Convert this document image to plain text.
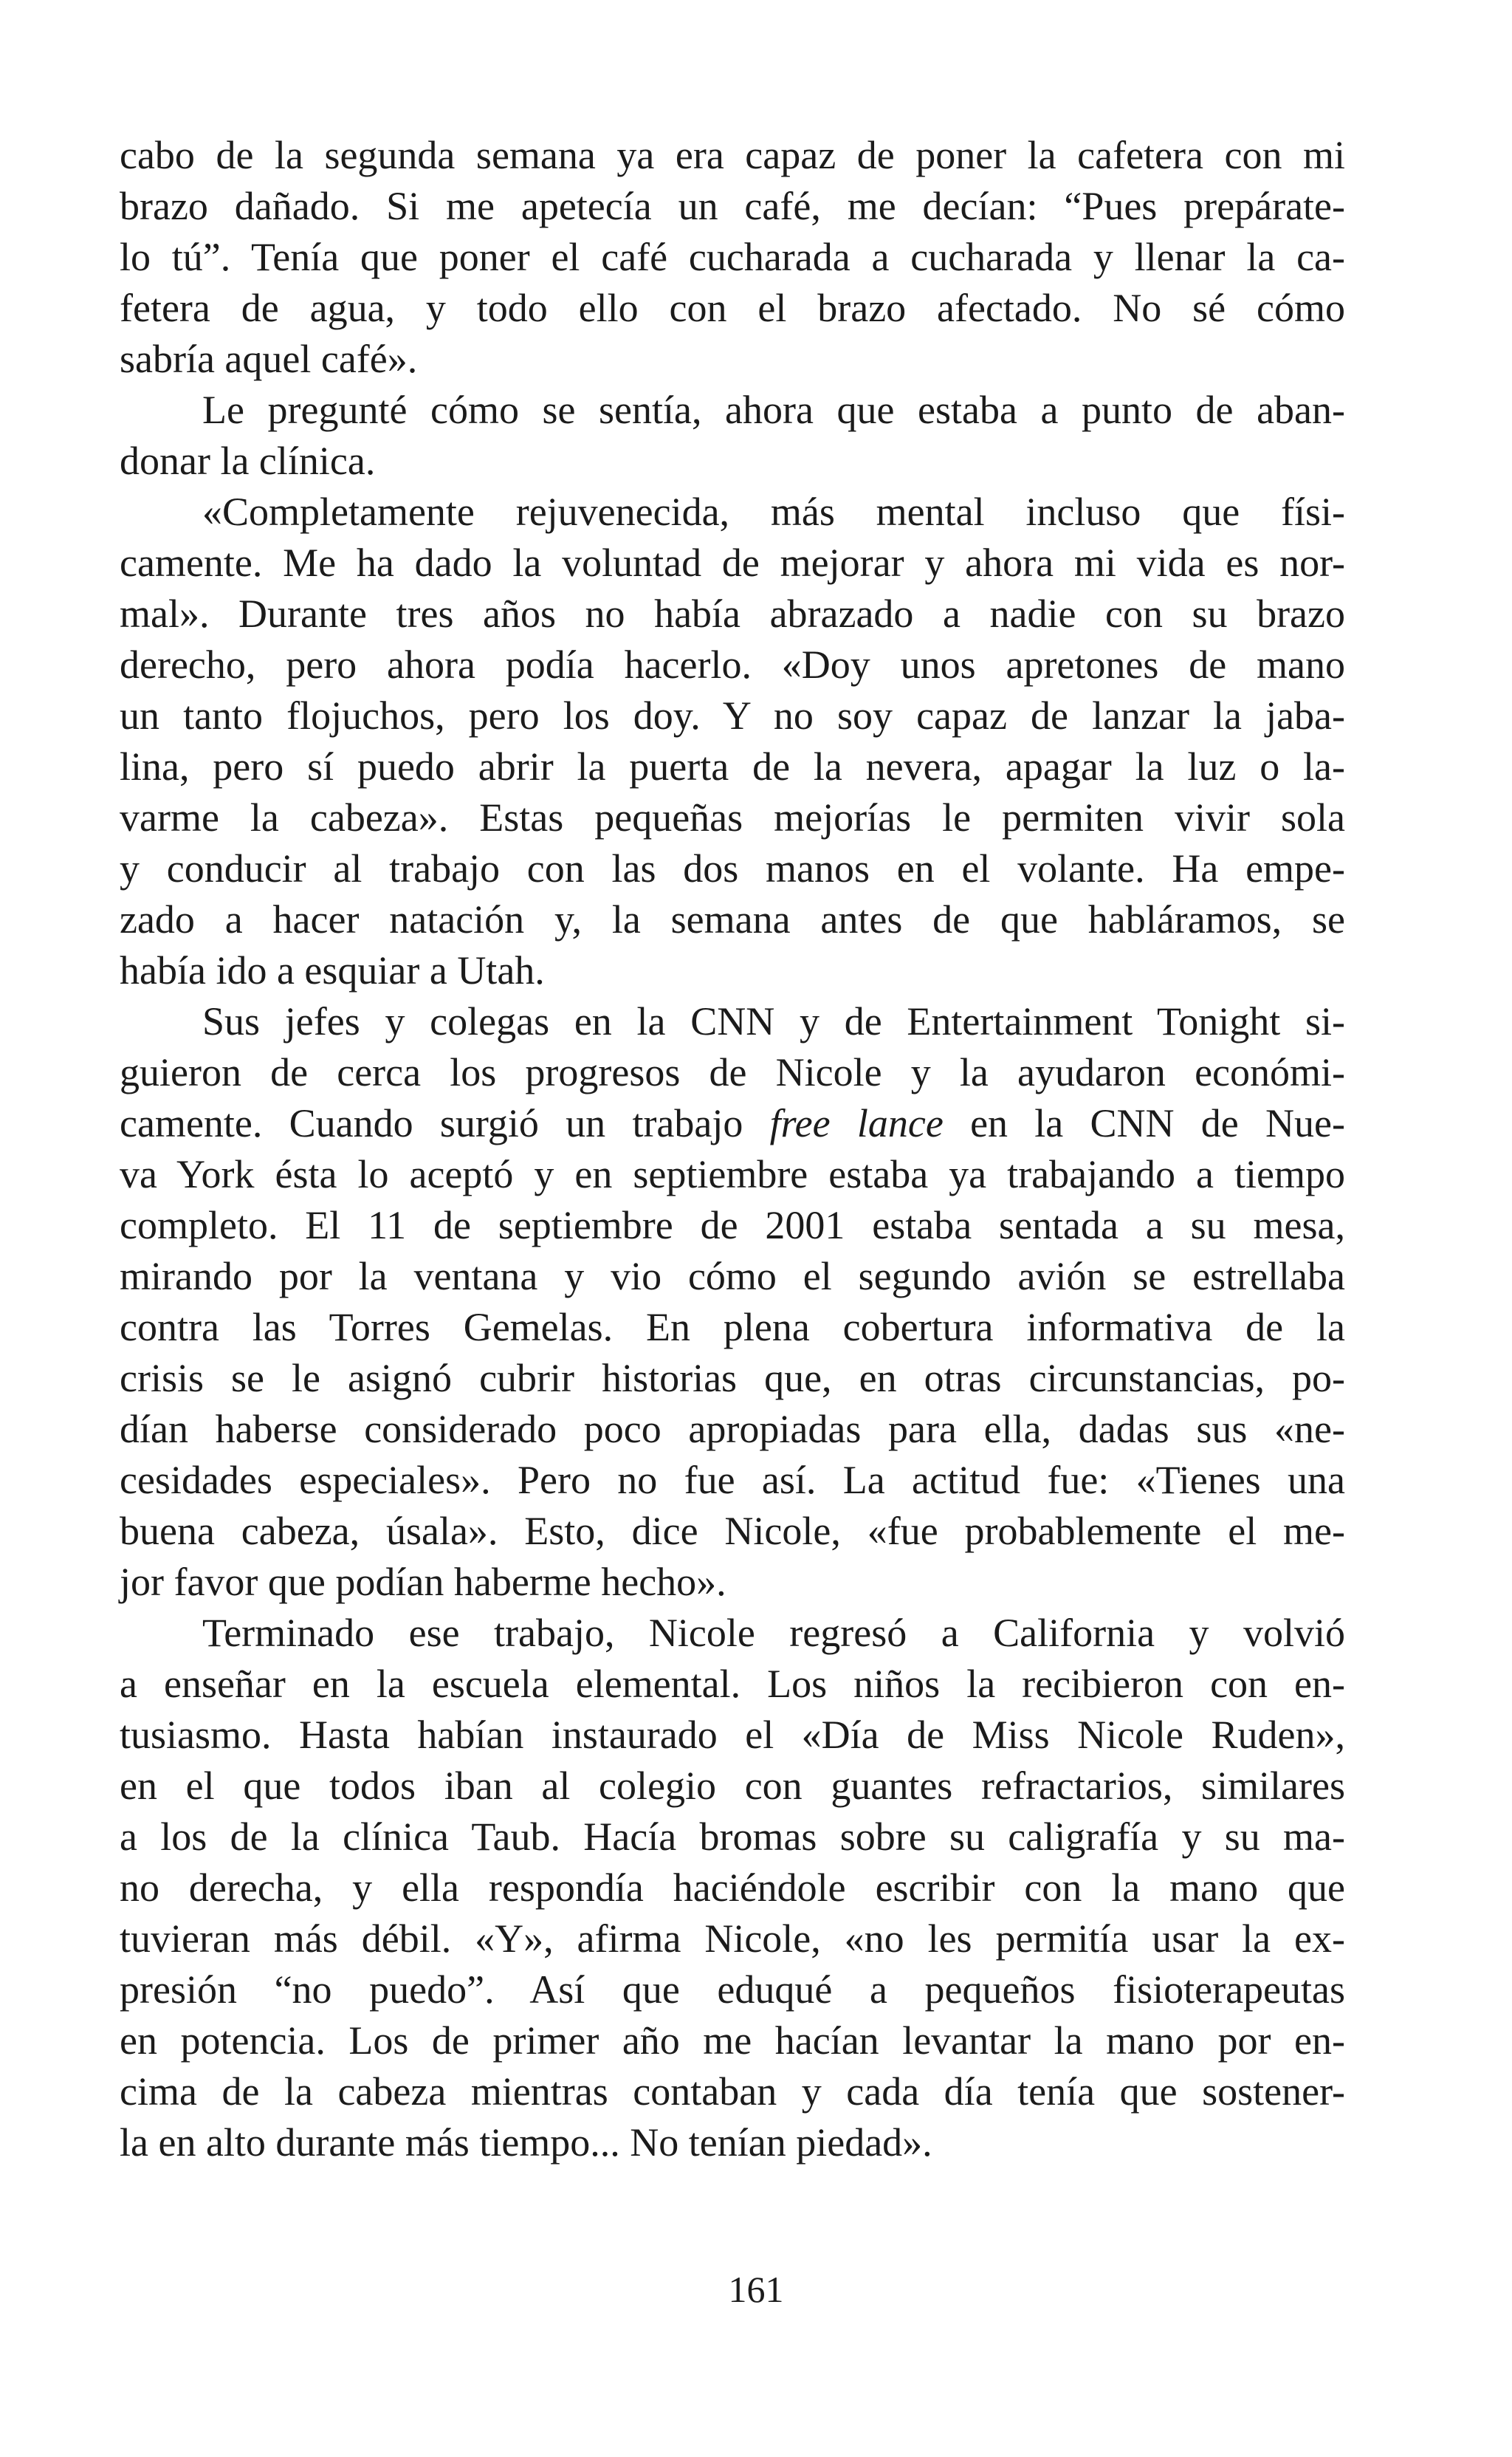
cabo de la segunda semana ya era capaz de poner la cafetera con mi
brazo dañado. Si me apetecía un café, me decían: “Pues prepárate-
lo tú”. Tenía que poner el café cucharada a cucharada y llenar la ca-
fetera de agua, y todo ello con el brazo afectado. No sé cómo
sabría aquel café».
Le pregunté cómo se sentía, ahora que estaba a punto de aban-
donar la clínica.
«Completamente rejuvenecida, más mental incluso que físi-
camente. Me ha dado la voluntad de mejorar y ahora mi vida es nor-
mal». Durante tres años no había abrazado a nadie con su brazo
derecho, pero ahora podía hacerlo. «Doy unos apretones de mano
un tanto flojuchos, pero los doy. Y no soy capaz de lanzar la jaba-
lina, pero sí puedo abrir la puerta de la nevera, apagar la luz o la-
varme la cabeza». Estas pequeñas mejorías le permiten vivir sola
y conducir al trabajo con las dos manos en el volante. Ha empe-
zado a hacer natación y, la semana antes de que habláramos, se
había ido a esquiar a Utah.
Sus jefes y colegas en la CNN y de Entertainment Tonight si-
guieron de cerca los progresos de Nicole y la ayudaron económi-
camente. Cuando surgió un trabajo free lance en la CNN de Nue-
va York ésta lo aceptó y en septiembre estaba ya trabajando a tiempo
completo. El 11 de septiembre de 2001 estaba sentada a su mesa,
mirando por la ventana y vio cómo el segundo avión se estrellaba
contra las Torres Gemelas. En plena cobertura informativa de la
crisis se le asignó cubrir historias que, en otras circunstancias, po-
dían haberse considerado poco apropiadas para ella, dadas sus «ne-
cesidades especiales». Pero no fue así. La actitud fue: «Tienes una
buena cabeza, úsala». Esto, dice Nicole, «fue probablemente el me-
jor favor que podían haberme hecho».
Terminado ese trabajo, Nicole regresó a California y volvió
a enseñar en la escuela elemental. Los niños la recibieron con en-
tusiasmo. Hasta habían instaurado el «Día de Miss Nicole Ruden»,
en el que todos iban al colegio con guantes refractarios, similares
a los de la clínica Taub. Hacía bromas sobre su caligrafía y su ma-
no derecha, y ella respondía haciéndole escribir con la mano que
tuvieran más débil. «Y», afirma Nicole, «no les permitía usar la ex-
presión “no puedo”. Así que eduqué a pequeños fisioterapeutas
en potencia. Los de primer año me hacían levantar la mano por en-
cima de la cabeza mientras contaban y cada día tenía que sostener-
la en alto durante más tiempo... No tenían piedad».
161
